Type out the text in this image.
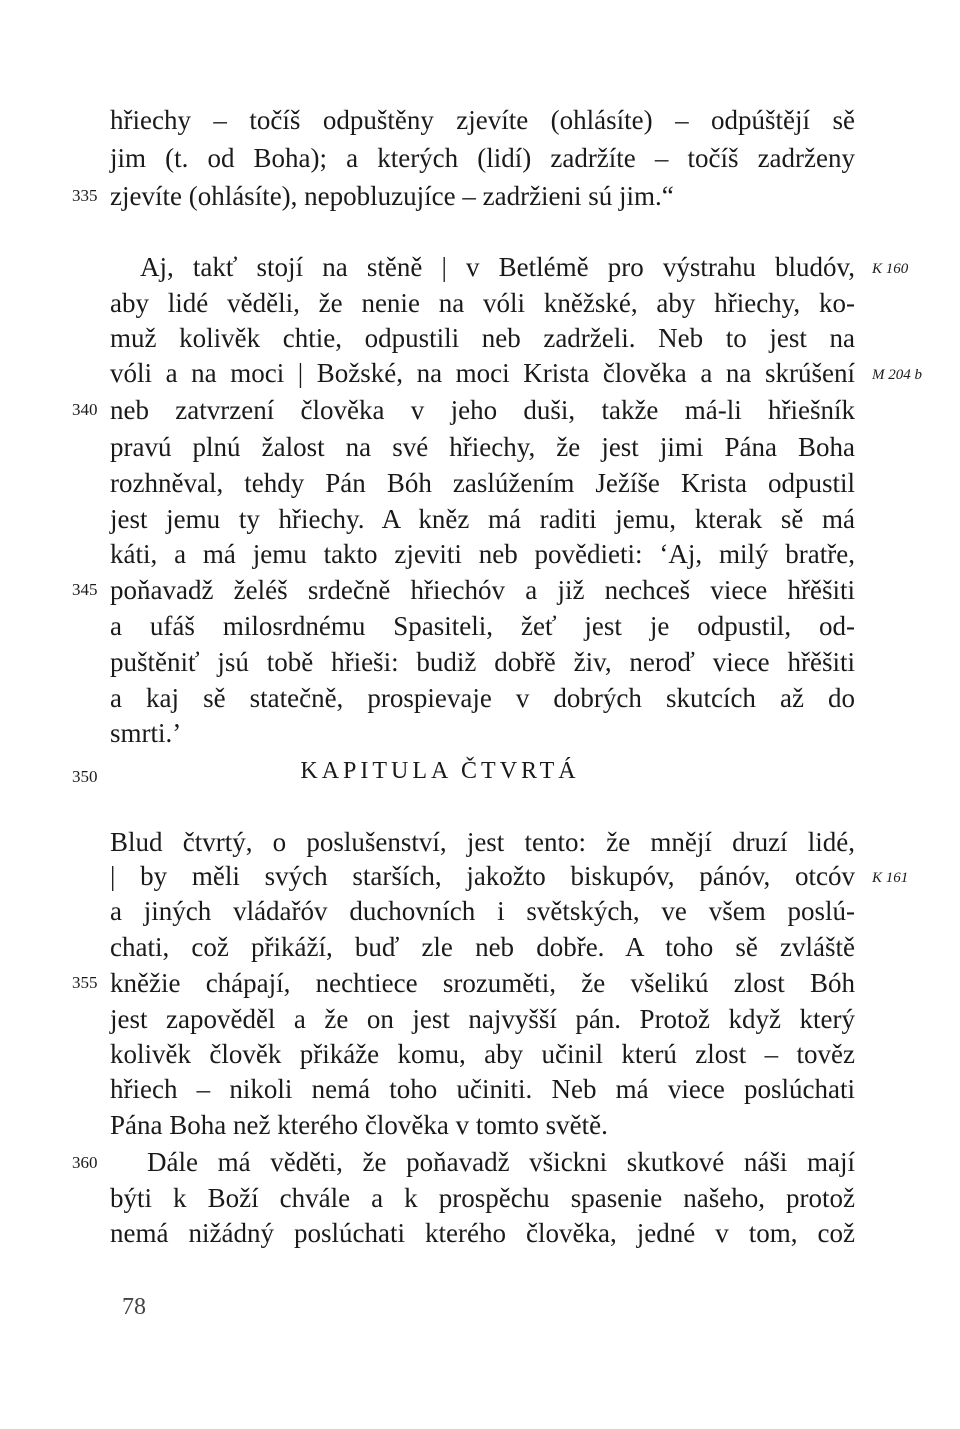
hřiechy – točíš odpuštěny zjevíte (ohlásíte) – odpúštějí sě
jim (t. od Boha); a kterých (lidí) zadržíte – točíš zadrženy
335 zjevíte (ohlásíte), nepobluzujíce – zadržieni sú jim.“
Aj, takť stojí na stěně | v Betlémě pro výstrahu bludóv, K 160
aby lidé věděli, že nenie na vóli kněžské, aby hřiechy, ko-
muž kolivěk chtie, odpustili neb zadrželi. Neb to jest na
vóli a na moci | Božské, na moci Krista člověka a na skrúšení M 204 b
340 neb zatvrzení člověka v jeho duši, takže má-li hřiešník
pravú plnú žalost na své hřiechy, že jest jimi Pána Boha
rozhněval, tehdy Pán Bóh zaslúžením Ježíše Krista odpustil
jest jemu ty hřiechy. A kněz má raditi jemu, kterak sě má
káti, a má jemu takto zjeviti neb povědieti: ‘Aj, milý bratře,
345 poňavadž želéš srdečně hřiechóv a již nechceš viece hřěšiti
a ufáš milosrdnému Spasiteli, žeť jest je odpustil, od-
puštěniť jsú tobě hřieši: budiž dobřě živ, neroď viece hřěšiti
a kaj sě statečně, prospievaje v dobrých skutcích až do
smrti.’
350	KAPITULA ČTVRTÁ
Blud čtvrtý, o poslušenství, jest tento: že mnějí druzí lidé,
| by měli svých starších, jakožto biskupóv, pánóv, otcóv K 161
a jiných vládařóv duchovních i světských, ve všem poslú-
chati, což přikáží, buď zle neb dobře. A toho sě zvláště
355 kněžie chápají, nechtiece srozuměti, že všelikú zlost Bóh
jest zapověděl a že on jest najvyšší pán. Protož když který
kolivěk člověk přikáže komu, aby učinil kterú zlost – tověz
hřiech – nikoli nemá toho učiniti. Neb má viece poslúchati
Pána Boha než kterého člověka v tomto světě.
360	Dále má věděti, že poňavadž všickni skutkové náši mají
býti k Boží chvále a k prospěchu spasenie našeho, protož
nemá nižádný poslúchati kterého člověka, jedné v tom, což
78
